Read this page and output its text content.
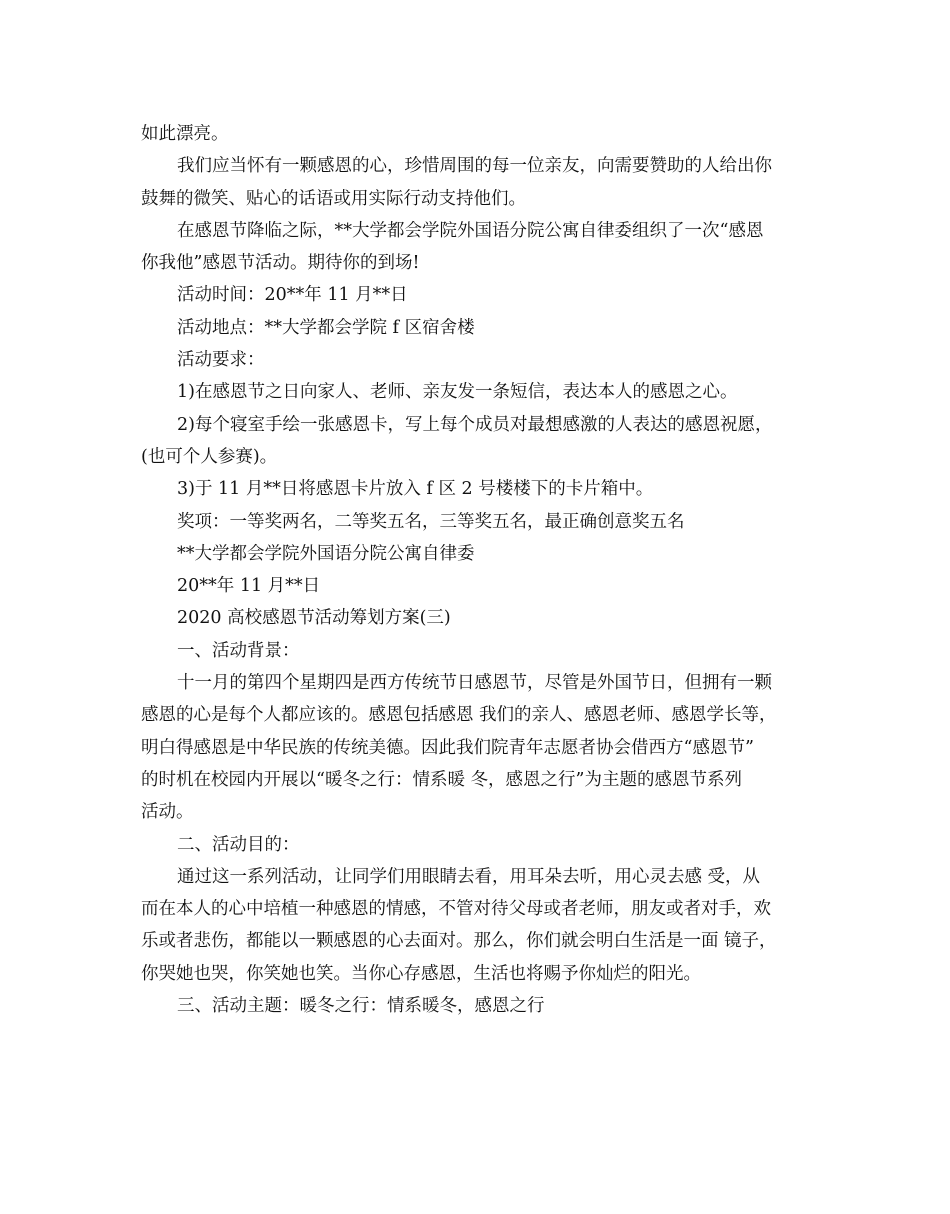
如此漂亮。
我们应当怀有一颗感恩的心，珍惜周围的每一位亲友，向需要赞助的人给出你
鼓舞的微笑、贴心的话语或用实际行动支持他们。
在感恩节降临之际，**大学都会学院外国语分院公寓自律委组织了一次“感恩
你我他”感恩节活动。期待你的到场!
活动时间：20**年 11 月**日
活动地点：**大学都会学院 f 区宿舍楼
活动要求：
1)在感恩节之日向家人、老师、亲友发一条短信，表达本人的感恩之心。
2)每个寝室手绘一张感恩卡，写上每个成员对最想感激的人表达的感恩祝愿，
(也可个人参赛)。
3)于 11 月**日将感恩卡片放入 f 区 2 号楼楼下的卡片箱中。
奖项：一等奖两名，二等奖五名，三等奖五名，最正确创意奖五名
**大学都会学院外国语分院公寓自律委
20**年 11 月**日
2020 高校感恩节活动筹划方案(三)
一、活动背景：
十一月的第四个星期四是西方传统节日感恩节，尽管是外国节日，但拥有一颗
感恩的心是每个人都应该的。感恩包括感恩 我们的亲人、感恩老师、感恩学长等，
明白得感恩是中华民族的传统美德。因此我们院青年志愿者协会借西方“感恩节”
的时机在校园内开展以“暖冬之行：情系暖 冬，感恩之行”为主题的感恩节系列
活动。
二、活动目的：
通过这一系列活动，让同学们用眼睛去看，用耳朵去听，用心灵去感 受，从
而在本人的心中培植一种感恩的情感，不管对待父母或者老师，朋友或者对手，欢
乐或者悲伤，都能以一颗感恩的心去面对。那么，你们就会明白生活是一面 镜子，
你哭她也哭，你笑她也笑。当你心存感恩，生活也将赐予你灿烂的阳光。
三、活动主题：暖冬之行：情系暖冬，感恩之行
